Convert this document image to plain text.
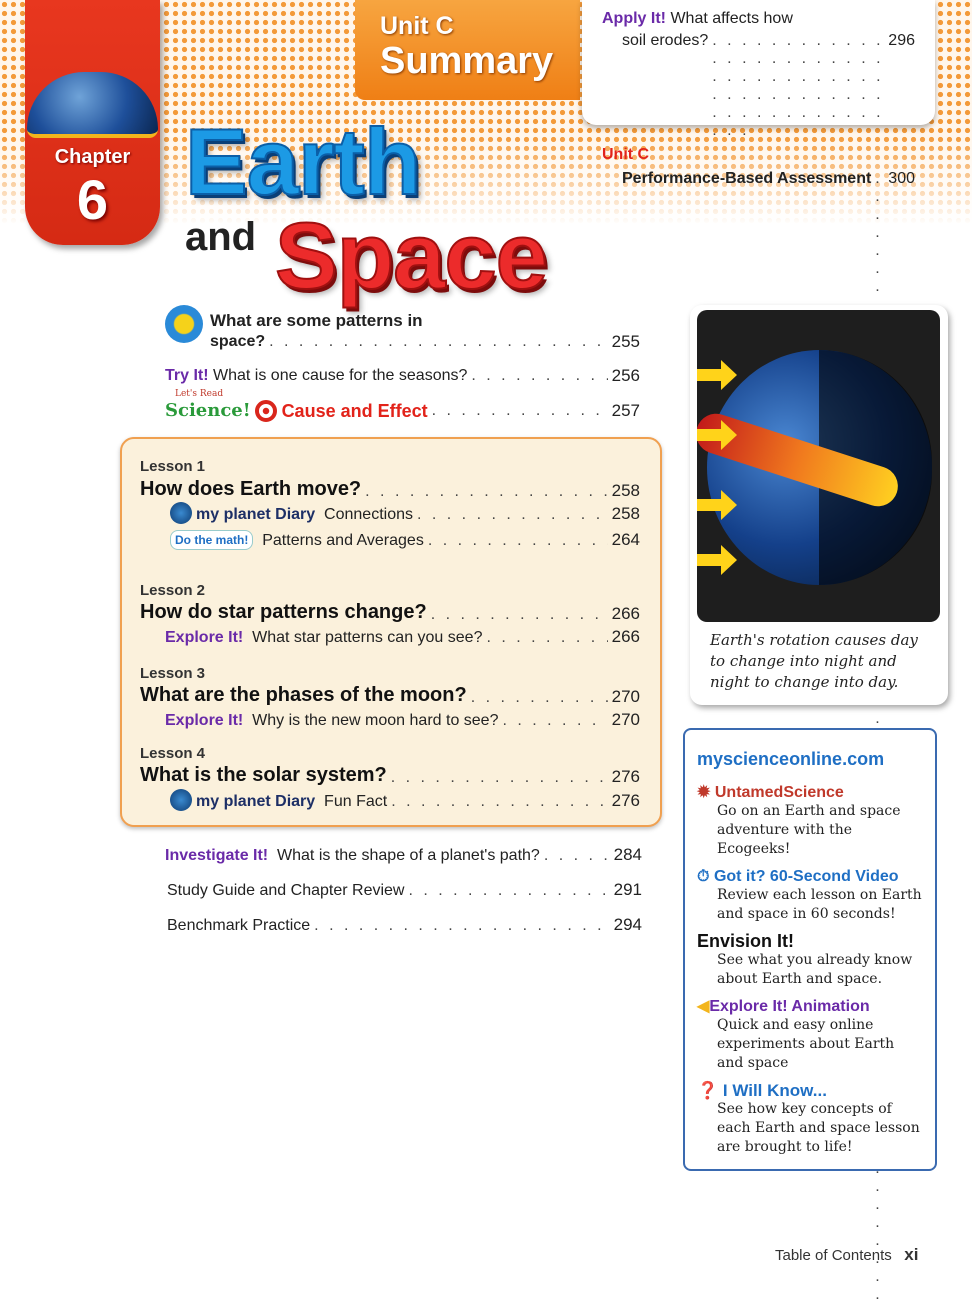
Chapter
6
Unit C
Summary
Apply It! What affects how
soil erodes? . . .	296
Unit C
Performance-Based Assessment . . . 300
Earth
and Space
What are some patterns in
space? . . .	255
Try It!
What is one cause for the seasons? . . .	256
Let's Read
Science!

Cause and Effect . . .	257
Lesson 1
How does Earth move? . . .	258
my planet Diary
Connections . . .	258
Do the math!
Patterns and Averages . . .	264
Lesson 2
How do star patterns change? . . .	266
Explore It!
What star patterns can you see? . . .	266
Lesson 3
What are the phases of the moon? . . .	270
Explore It!
Why is the new moon hard to see? . . .	270
Lesson 4
What is the solar system? . . .	276
my planet Diary
Fun Fact . . .	276
Investigate It!
What is the shape of a planet's path? . . .	284
Study Guide and Chapter Review . . .	291
Benchmark Practice . . .	294
Earth's rotation causes day to change into night and night to change into day.
myscienceonline.com
✹ UntamedScience
Go on an Earth and space adventure with the Ecogeeks!
⏱ Got it? 60-Second Video
Review each lesson on Earth and space in 60 seconds!
Envision It!
See what you already know about Earth and space.
◀Explore It! Animation
Quick and easy online experiments about Earth and space
❓ I Will Know...
See how key concepts of each Earth and space lesson are brought to life!
Table of Contents xi
